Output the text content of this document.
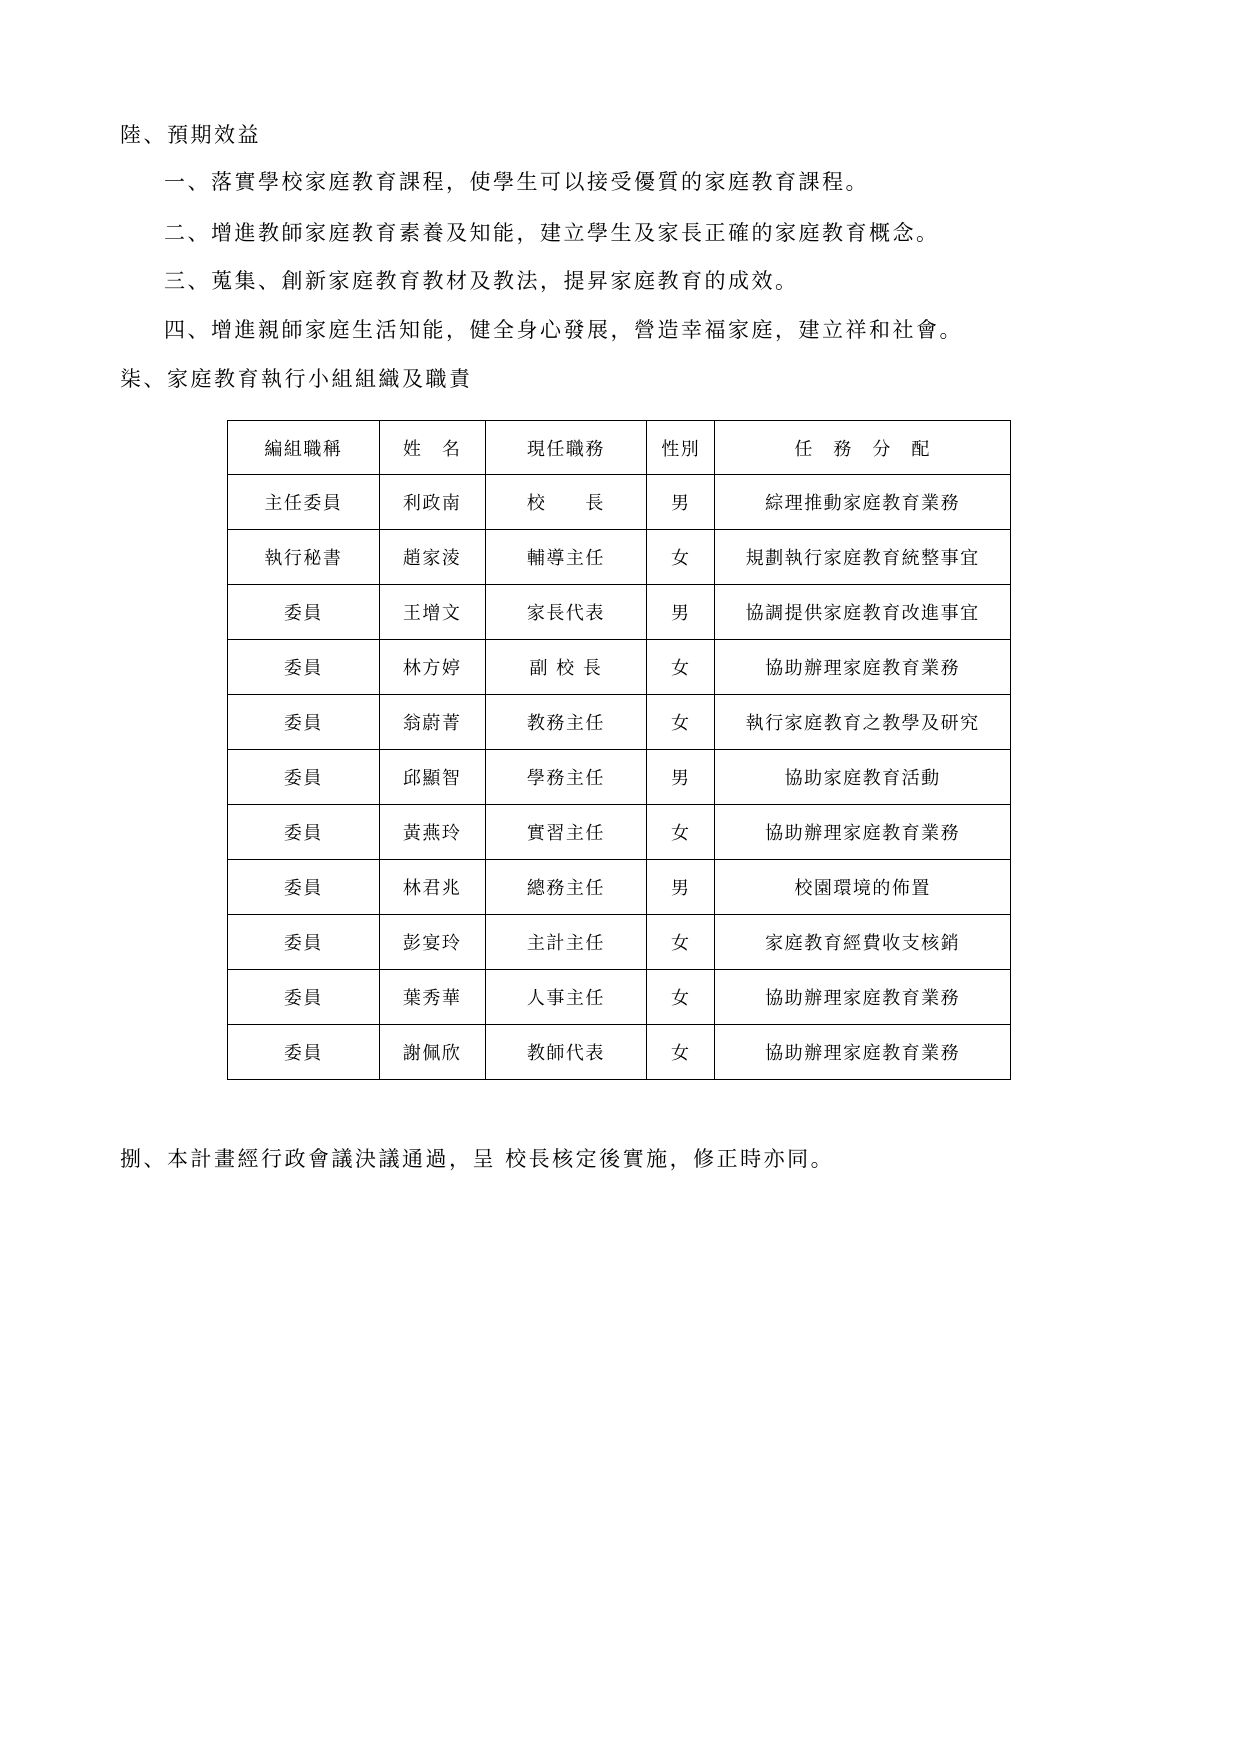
陸、預期效益
一、落實學校家庭教育課程，使學生可以接受優質的家庭教育課程。
二、增進教師家庭教育素養及知能，建立學生及家長正確的家庭教育概念。
三、蒐集、創新家庭教育教材及教法，提昇家庭教育的成效。
四、增進親師家庭生活知能，健全身心發展，營造幸福家庭，建立祥和社會。
柒、家庭教育執行小組組織及職責
編組職稱	姓　名	現任職務	性別	任　務　分　配
主任委員	利政南	校　　長	男	綜理推動家庭教育業務
執行秘書	趙家淩	輔導主任	女	規劃執行家庭教育統整事宜
委員	王增文	家長代表	男	協調提供家庭教育改進事宜
委員	林方婷	副 校 長	女	協助辦理家庭教育業務
委員	翁蔚菁	教務主任	女	執行家庭教育之教學及研究
委員	邱顯智	學務主任	男	協助家庭教育活動
委員	黃燕玲	實習主任	女	協助辦理家庭教育業務
委員	林君兆	總務主任	男	校園環境的佈置
委員	彭宴玲	主計主任	女	家庭教育經費收支核銷
委員	葉秀華	人事主任	女	協助辦理家庭教育業務
委員	謝佩欣	教師代表	女	協助辦理家庭教育業務
捌、本計畫經行政會議決議通過，呈 校長核定後實施，修正時亦同。
